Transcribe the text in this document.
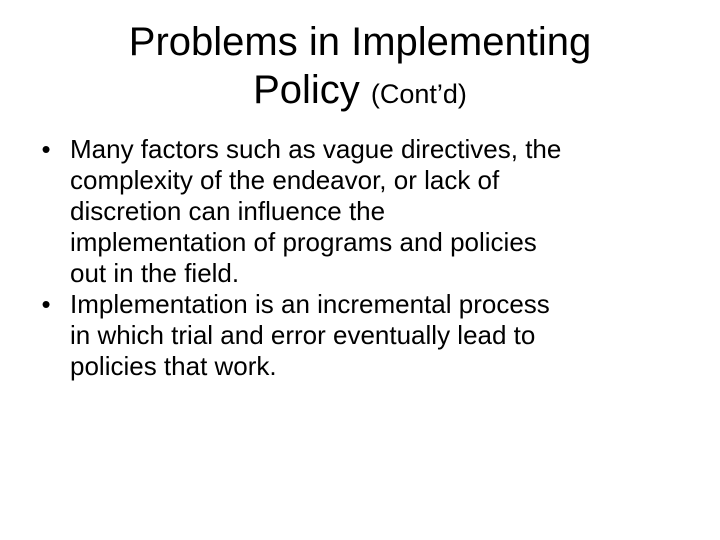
Problems in Implementing
Policy (Cont’d)
• Many factors such as vague directives, the
complexity of the endeavor, or lack of
discretion can influence the
implementation of programs and policies
out in the field.
• Implementation is an incremental process
in which trial and error eventually lead to
policies that work.
